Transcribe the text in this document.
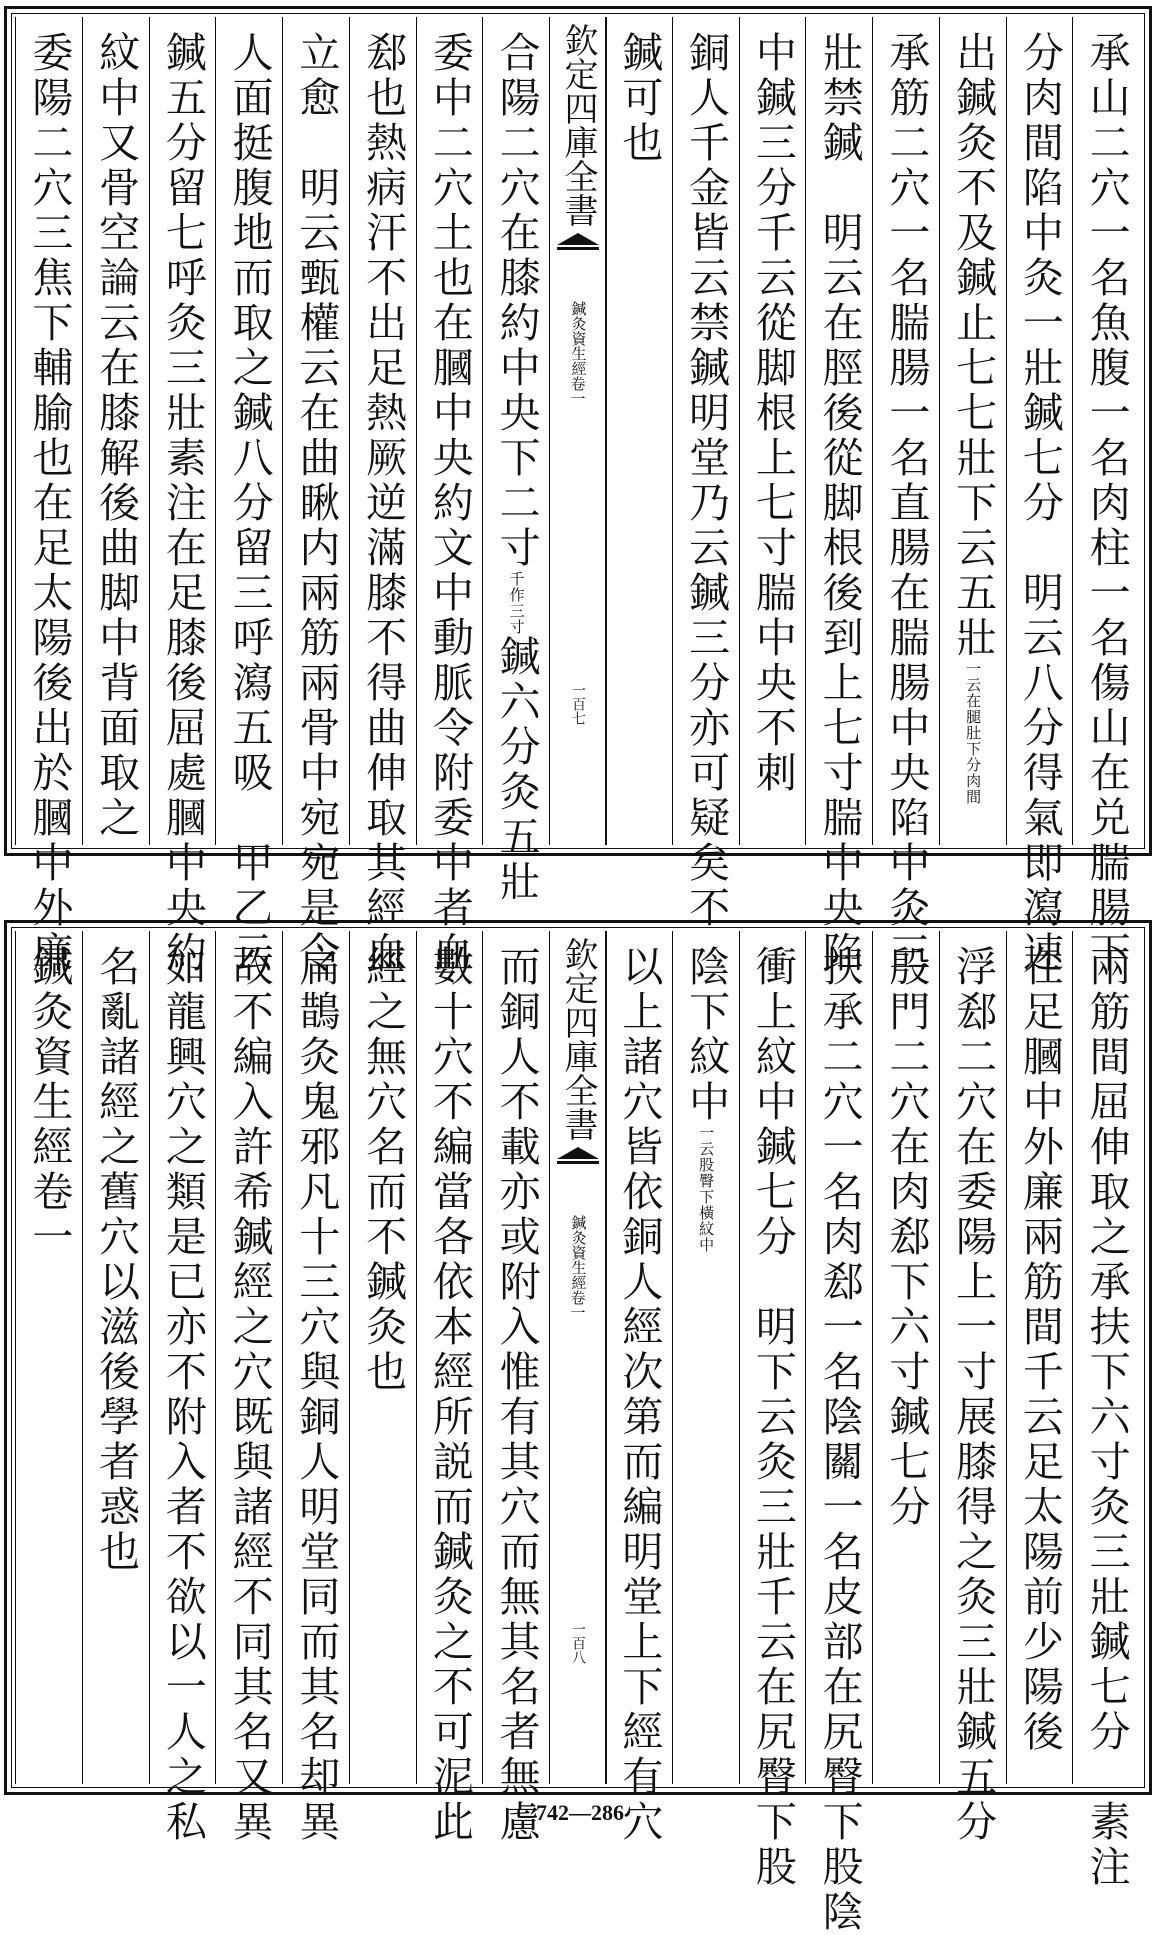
承山二穴一名魚腹一名肉柱一名傷山在兑腨腸下
分肉間陷中灸一壯鍼七分　明云八分得氣即瀉速
出鍼灸不及鍼止七七壯下云五壯
一云在腿肚下分肉間
承筋二穴一名腨腸一名直腸在腨腸中央陷中灸三
壯禁鍼　明云在脛後從脚根後到上七寸腨中央陷
中鍼三分千云從脚根上七寸腨中央不刺
銅人千金皆云禁鍼明堂乃云鍼三分亦可疑矣不
鍼可也
合陽二穴在膝約中央下二寸
千作三寸
鍼六分灸五壯
委中二穴土也在膕中央約文中動脈令附委中者血
郄也熱病汗不出足熱厥逆滿膝不得曲伸取其經血
立愈　明云甄權云在曲瞅内兩筋兩骨中宛宛是令
人面挺腹地而取之鍼八分留三呼瀉五吸　甲乙云
鍼五分留七呼灸三壯素注在足膝後屈處膕中央約
紋中又骨空論云在膝解後曲脚中背面取之
委陽二穴三焦下輔腧也在足太陽後出於膕中外廉	欽定四庫全書
鍼灸資生經
卷一
一百七
兩筋間屈伸取之承扶下六寸灸三壯鍼七分　素注
在足膕中外廉兩筋間千云足太陽前少陽後
浮郄二穴在委陽上一寸展膝得之灸三壯鍼五分
殷門二穴在肉郄下六寸鍼七分
扶承二穴一名肉郄一名陰關一名皮部在尻臀下股陰
衝上紋中鍼七分　明下云灸三壯千云在尻臀下股
陰下紋中
一云股臀下橫紋中
以上諸穴皆依銅人經次第而編明堂上下經有穴
而銅人不載亦或附入惟有其穴而無其名者無慮
數十穴不編當各依本經所説而鍼灸之不可泥此
經之無穴名而不鍼灸也
扁鵲灸鬼邪凡十三穴與銅人明堂同而其名却異
故不編入許希鍼經之穴既與諸經不同其名又異
如龍興穴之類是已亦不附入者不欲以一人之私
名亂諸經之舊穴以滋後學者惑也
鍼灸資生經卷一	欽定四庫全書
鍼灸資生經
卷一
一百八
742—286
